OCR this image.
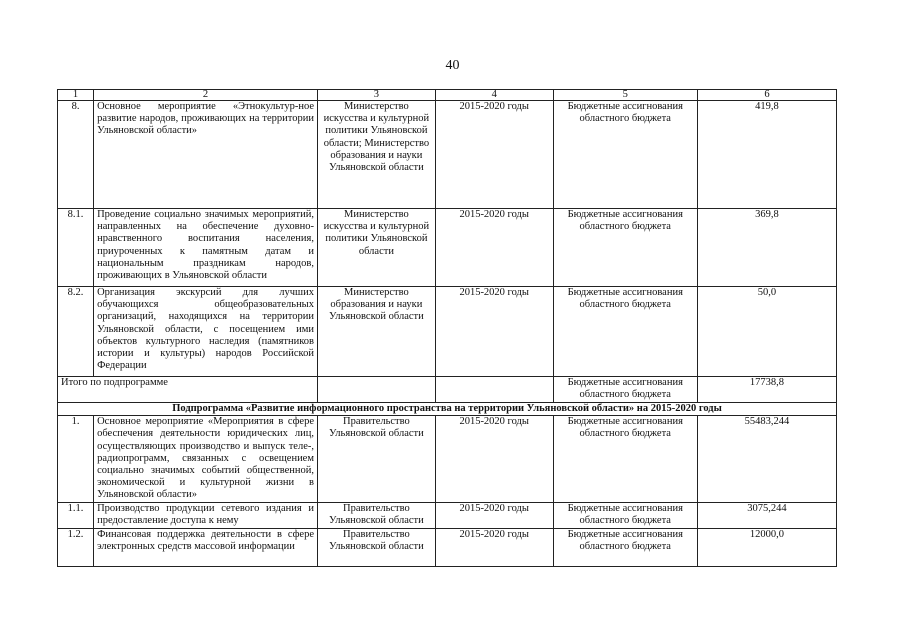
40
1	2	3	4	5	6
8.	Основное мероприятие «Этнокультур-ное развитие народов, проживающих на территории Ульяновской области»	Министерство искусства и культурной политики Ульяновской области; Министерство образования и науки Ульяновской области	2015-2020 годы	Бюджетные ассигнования областного бюджета	419,8
8.1.	Проведение социально значимых мероприятий, направленных на обеспечение духовно-нравственного воспитания населения, приуроченных к памятным датам и национальным праздникам народов, проживающих в Ульяновской области	Министерство искусства и культурной политики Ульяновской области	2015-2020 годы	Бюджетные ассигнования областного бюджета	369,8
8.2.	Организация экскурсий для лучших обучающихся общеобразовательных организаций, находящихся на территории Ульяновской области, с посещением ими объектов культурного наследия (памятников истории и культуры) народов Российской Федерации	Министерство образования и науки Ульяновской области	2015-2020 годы	Бюджетные ассигнования областного бюджета	50,0
Итого по подпрограмме				Бюджетные ассигнования областного бюджета	17738,8
Подпрограмма «Развитие информационного пространства на территории Ульяновской области» на 2015-2020 годы					
1.	Основное мероприятие «Мероприятия в сфере обеспечения деятельности юридических лиц, осуществляющих производство и выпуск теле-, радиопрограмм, связанных с освещением социально значимых событий общественной, экономической и культурной жизни в Ульяновской области»	Правительство Ульяновской области	2015-2020 годы	Бюджетные ассигнования областного бюджета	55483,244
1.1.	Производство продукции сетевого издания и предоставление доступа к нему	Правительство Ульяновской области	2015-2020 годы	Бюджетные ассигнования областного бюджета	3075,244
1.2.	Финансовая поддержка деятельности в сфере электронных средств массовой информации	Правительство Ульяновской области	2015-2020 годы	Бюджетные ассигнования областного бюджета	12000,0
